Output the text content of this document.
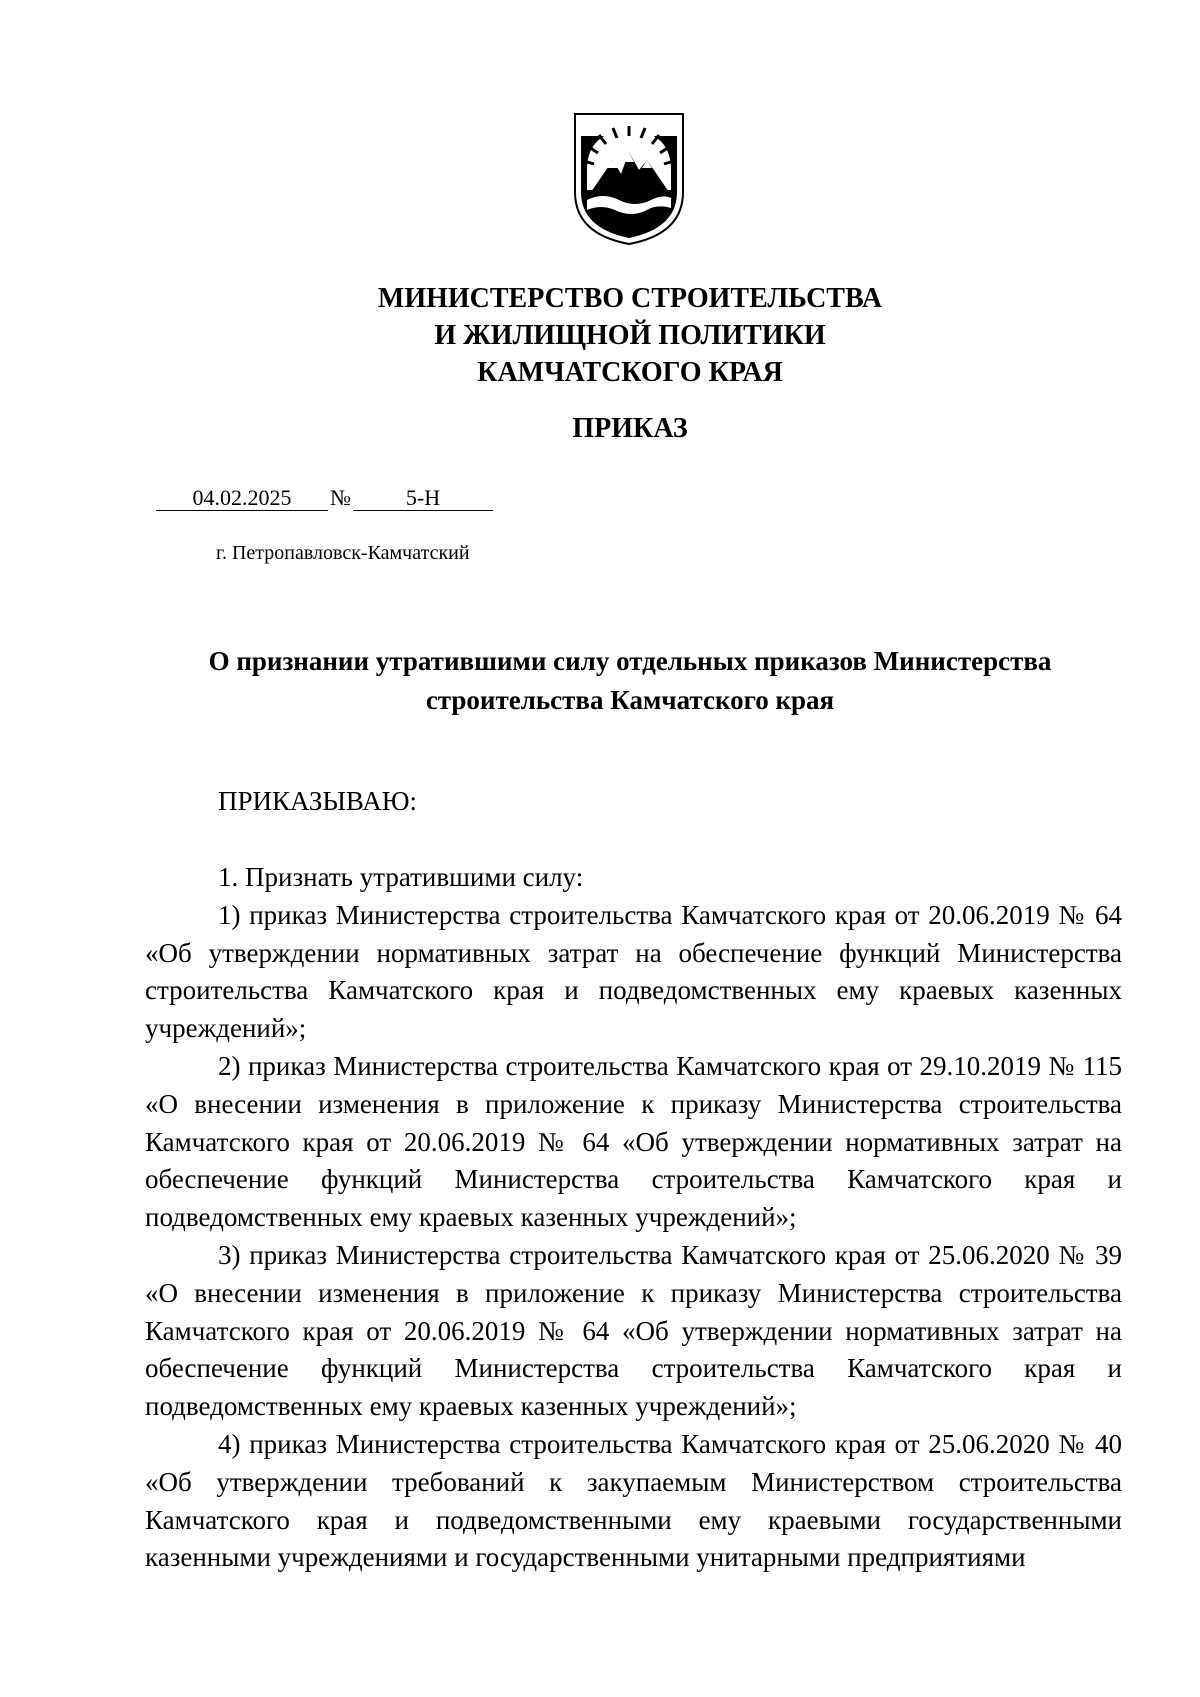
МИНИСТЕРСТВО СТРОИТЕЛЬСТВА
И ЖИЛИЩНОЙ ПОЛИТИКИ
КАМЧАТСКОГО КРАЯ
ПРИКАЗ
04.02.2025 № 5-Н
г. Петропавловск-Камчатский
О признании утратившими силу отдельных приказов Министерства
строительства Камчатского края
ПРИКАЗЫВАЮ:

1. Признать утратившими силу:

1) приказ Министерства строительства Камчатского края от 20.06.2019 № 64 «Об утверждении нормативных затрат на обеспечение функций Министерства строительства Камчатского края и подведомственных ему краевых казенных учреждений»;

2) приказ Министерства строительства Камчатского края от 29.10.2019 № 115 «О внесении изменения в приложение к приказу Министерства строительства Камчатского края от 20.06.2019 № 64 «Об утверждении нормативных затрат на обеспечение функций Министерства строительства Камчатского края и подведомственных ему краевых казенных учреждений»;

3) приказ Министерства строительства Камчатского края от 25.06.2020 № 39 «О внесении изменения в приложение к приказу Министерства строительства Камчатского края от 20.06.2019 № 64 «Об утверждении нормативных затрат на обеспечение функций Министерства строительства Камчатского края и подведомственных ему краевых казенных учреждений»;

4) приказ Министерства строительства Камчатского края от 25.06.2020 № 40 «Об утверждении требований к закупаемым Министерством строительства Камчатского края и подведомственными ему краевыми государственными казенными учреждениями и государственными унитарными предприятиями
